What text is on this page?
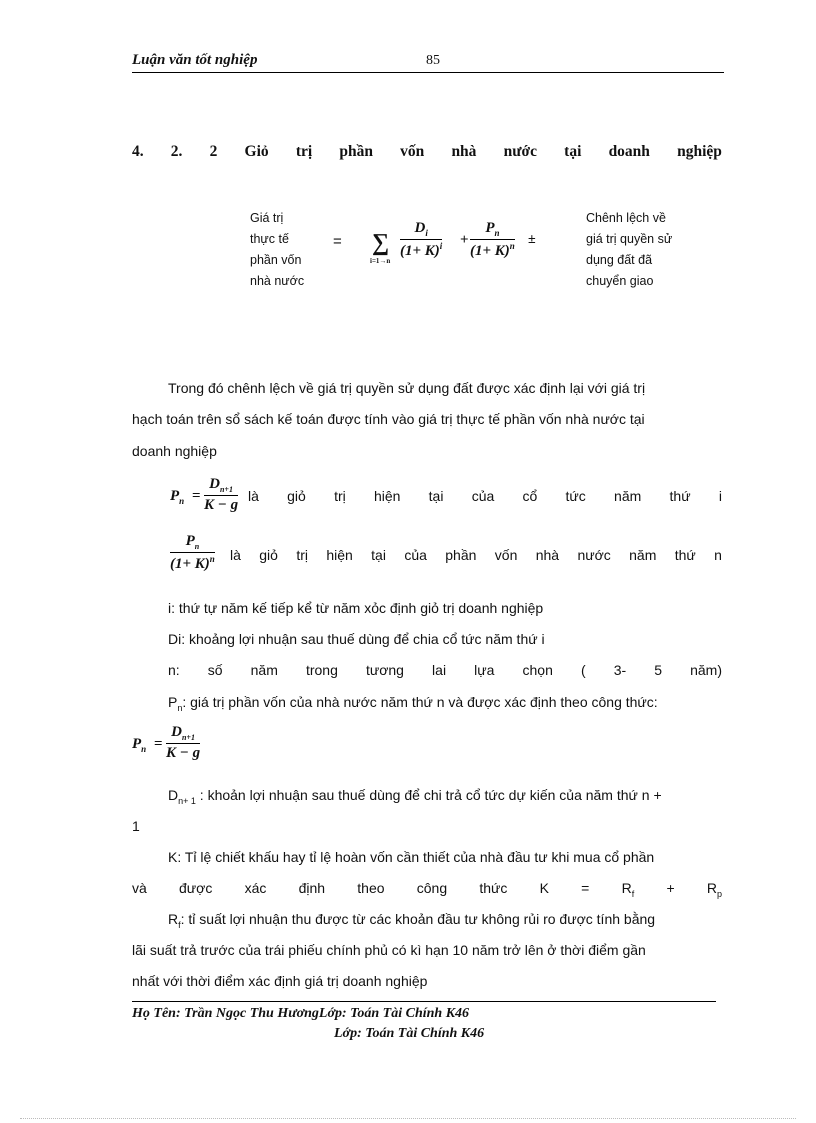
Luận văn tốt nghiệp	85
4. 2. 2 Giỏ trị phần vốn nhà nước tại doanh nghiệp
Giá trị
thực tế
phần vốn
nhà nước
= ∑
i=1→n
$D_i$
$(1+ K)^i$ +
$P_n$
$(1+ K)^n$ ±
Chênh lệch về
giá trị quyền sử
dụng đất đã
chuyển giao
Trong đó chênh lệch về giá trị quyền sử dụng đất được xác định lại với giá trị
hạch toán trên sổ sách kế toán được tính vào giá trị thực tế phần vốn nhà nước tại
doanh nghiệp
$P_n$ =
$D_{n+1}$
K − g
là giỏ trị hiện tại của cổ tức năm thứ i
$P_n$
$(1+ K)^n$ là giỏ trị hiện tại của phần vốn nhà nước năm thứ n
i: thứ tự năm kế tiếp kể từ năm xỏc định giỏ trị doanh nghiệp
Di: khoảng lợi nhuận sau thuế dùng để chia cổ tức năm thứ i
n: số năm trong tương lai lựa chọn ( 3- 5 năm)
$P_n$: giá trị phần vốn của nhà nước năm thứ n và được xác định theo công thức:
$P_n$ =
$D_{n+1}$
K − g
$D_{n+ 1}$ : khoản lợi nhuận sau thuế dùng để chi trả cổ tức dự kiến của năm thứ n +
1
K: Tỉ lệ chiết khấu hay tỉ lệ hoàn vốn cần thiết của nhà đầu tư khi mua cổ phần
và được xác định theo công thức $K = R_f + R_p$
$R_f$: tỉ suất lợi nhuận thu được từ các khoản đầu tư không rủi ro được tính bằng
lãi suất trả trước của trái phiếu chính phủ có kì hạn 10 năm trở lên ở thời điểm gần
nhất với thời điểm xác định giá trị doanh nghiệp
Họ Tên: Trần Ngọc Thu HươngLớp: Toán Tài Chính K46
Lớp: Toán Tài Chính K46
